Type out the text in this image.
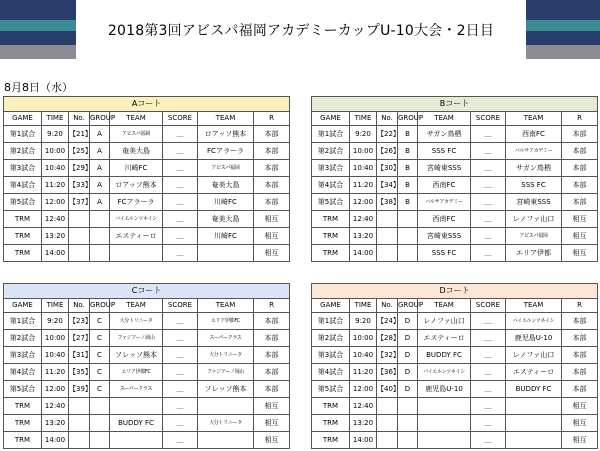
2018第3回アビスパ福岡アカデミーカップU-10大会・2日目
8月8日（水）
Aコート							
GAME	TIME	No.	GROUP	TEAM	SCORE	TEAM	R
第1試合	9:20	【21】	A	アビスパ福岡	＿	ロアッソ熊本	本部
第2試合	10:00	【25】	A	奄美大島	＿	FCアラーラ	本部
第3試合	10:40	【29】	A	川崎FC	＿	アビスパ福岡	本部
第4試合	11:20	【33】	A	ロアッソ熊本	＿	奄美大島	本部
第5試合	12:00	【37】	A	FCアラーラ	＿	川崎FC	本部
TRM	12:40			バイエルンツネイシ	＿	奄美大島	相互
TRM	13:20			エスティーロ	＿	川崎FC	相互
TRM	14:00				＿		相互
Bコート							
GAME	TIME	No.	GROUP	TEAM	SCORE	TEAM	R
第1試合	9:20	【22】	B	サガン鳥栖	＿	西南FC	本部
第2試合	10:00	【26】	B	SSS FC	＿	バルサアカデミー	本部
第3試合	10:40	【30】	B	宮崎東SSS	＿	サガン鳥栖	本部
第4試合	11:20	【34】	B	西南FC	＿	SSS FC	本部
第5試合	12:00	【38】	B	バルサアカデミー	＿	宮崎東SSS	本部
TRM	12:40			西南FC	＿	レノファ山口	相互
TRM	13:20			宮崎東SSS	＿	アビスパ福岡	相互
TRM	14:00			SSS FC	＿	エリア伊都	相互
Cコート							
GAME	TIME	No.	GROUP	TEAM	SCORE	TEAM	R
第1試合	9:20	【23】	C	大分トリニータ	＿	エリア伊都FC	本部
第2試合	10:00	【27】	C	ファジアーノ岡山	＿	スーパークラス	本部
第3試合	10:40	【31】	C	ソレッソ熊本	＿	大分トリニータ	本部
第4試合	11:20	【35】	C	エリア伊都FC	＿	ファジアーノ岡山	本部
第5試合	12:00	【39】	C	スーパークラス	＿	ソレッソ熊本	本部
TRM	12:40				＿		相互
TRM	13:20			BUDDY FC	＿	大分トリニータ	相互
TRM	14:00				＿		相互
Dコート							
GAME	TIME	No.	GROUP	TEAM	SCORE	TEAM	R
第1試合	9:20	【24】	D	レノファ山口	＿	バイエルンツネイシ	本部
第2試合	10:00	【28】	D	エスティーロ	＿	鹿児島U-10	本部
第3試合	10:40	【32】	D	BUDDY FC	＿	レノファ山口	本部
第4試合	11:20	【36】	D	バイエルンツネイシ	＿	エスティーロ	本部
第5試合	12:00	【40】	D	鹿児島U-10	＿	BUDDY FC	本部
TRM	12:40				＿		相互
TRM	13:20				＿		相互
TRM	14:00				＿		相互
